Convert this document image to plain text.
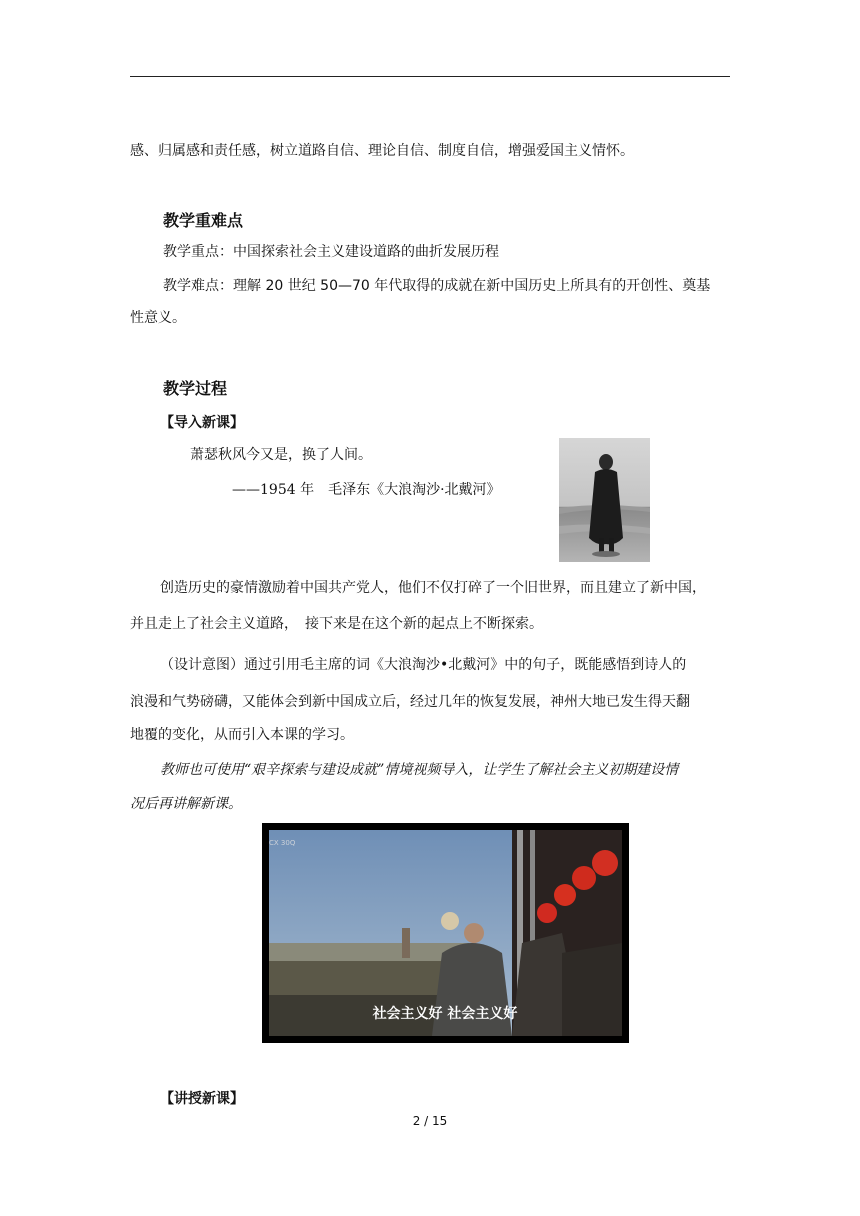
感、归属感和责任感，树立道路自信、理论自信、制度自信，增强爱国主义情怀。
教学重难点
教学重点：中国探索社会主义建设道路的曲折发展历程
教学难点：理解 20 世纪 50—70 年代取得的成就在新中国历史上所具有的开创性、奠基
性意义。
教学过程
【导入新课】
萧瑟秋风今又是，换了人间。
——1954 年　毛泽东《大浪淘沙·北戴河》
创造历史的豪情激励着中国共产党人，他们不仅打碎了一个旧世界，而且建立了新中国，
并且走上了社会主义道路，　接下来是在这个新的起点上不断探索。
（设计意图）通过引用毛主席的词《大浪淘沙•北戴河》中的句子，既能感悟到诗人的
浪漫和气势磅礴，又能体会到新中国成立后，经过几年的恢复发展，神州大地已发生得天翻
地覆的变化，从而引入本课的学习。
教师也可使用“艰辛探索与建设成就”情境视频导入，让学生了解社会主义初期建设情
况后再讲解新课。
CX 30Q
社会主义好 社会主义好
【讲授新课】
2 / 15
